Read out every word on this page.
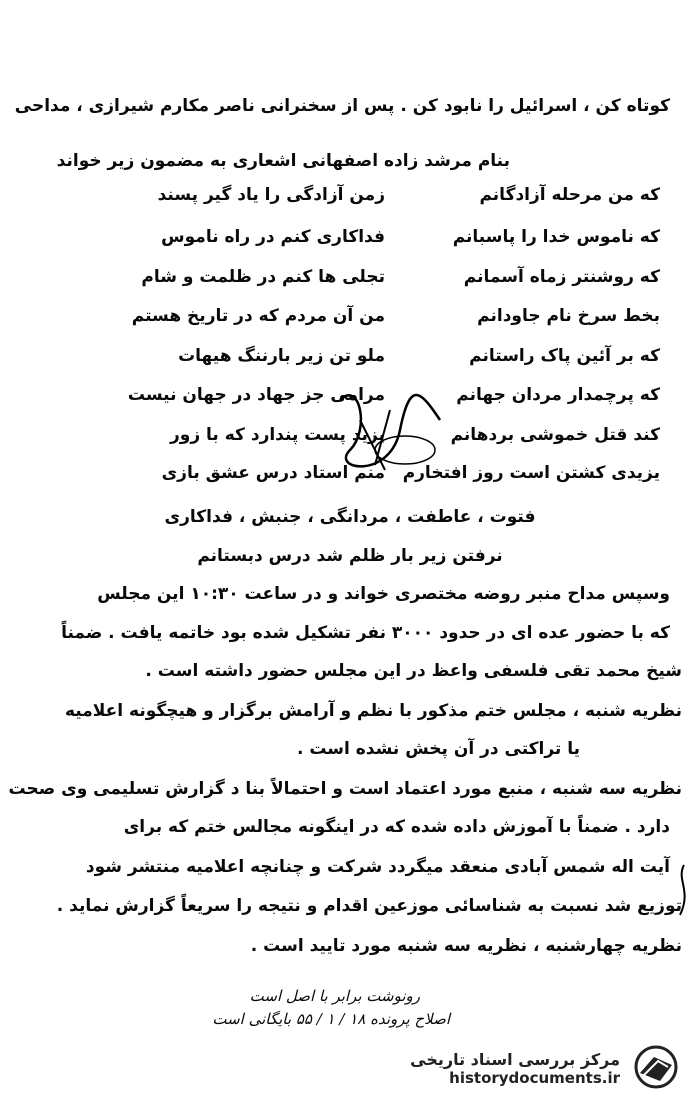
کوتاه کن ، اسرائیل را نابود کن . پس از سخنرانی ناصر مکارم شیرازی ، مداحی
بنام مرشد زاده اصفهانی اشعاری به مضمون زیر خواند
زمن آزادگی را یاد گیر پسند	که من مرحله آزادگانم
فداکاری کنم در راه ناموس	که ناموس خدا را پاسبانم
تجلی ها کنم در ظلمت و شام	که روشنتر زماه آسمانم
من آن مردم که در تاریخ هستم	بخط سرخ نام جاودانم
ملو تن زیر بارننگ هیهات	که بر آئین پاک راستانم
مرامی جز جهاد در جهان نیست	که پرچمدار مردان جهانم
یزید پست پندارد که با زور	کند قتل خموشی بردهانم
منم استاد درس عشق بازی	یزیدی کشتن است روز افتخارم
فتوت ، عاطفت ، مردانگی ، جنبش ، فداکاری
نرفتن زیر بار ظلم شد درس دبستانم
وسپس مداح منبر روضه مختصری خواند و در ساعت ۱۰:۳۰ این مجلس
که با حضور عده ای در حدود ۳۰۰۰ نفر تشکیل شده بود خاتمه یافت . ضمناً
شیخ محمد تقی فلسفی واعظ در این مجلس حضور داشته است .
نظریه شنبه ، مجلس ختم مذکور با نظم و آرامش برگزار و هیچگونه اعلامیه
یا تراکتی در آن پخش نشده است .
نظریه سه شنبه ، منبع مورد اعتماد است و احتمالاً بنا د گزارش تسلیمی وی صحت
دارد . ضمناً با آموزش داده شده که در اینگونه مجالس ختم که برای
آیت اله شمس آبادی منعقد میگردد شرکت و چنانچه اعلامیه منتشر شود
توزیع شد نسبت به شناسائی موزعین اقدام و نتیجه را سریعاً گزارش نماید .
نظریه چهارشنبه ، نظریه سه شنبه مورد تایید است .
رونوشت برابر با اصل است
اصلاح پرونده ۱۸ / ۱ / ۵۵ بایگانی است
مرکز بررسی اسناد تاریخی
historydocuments.ir
